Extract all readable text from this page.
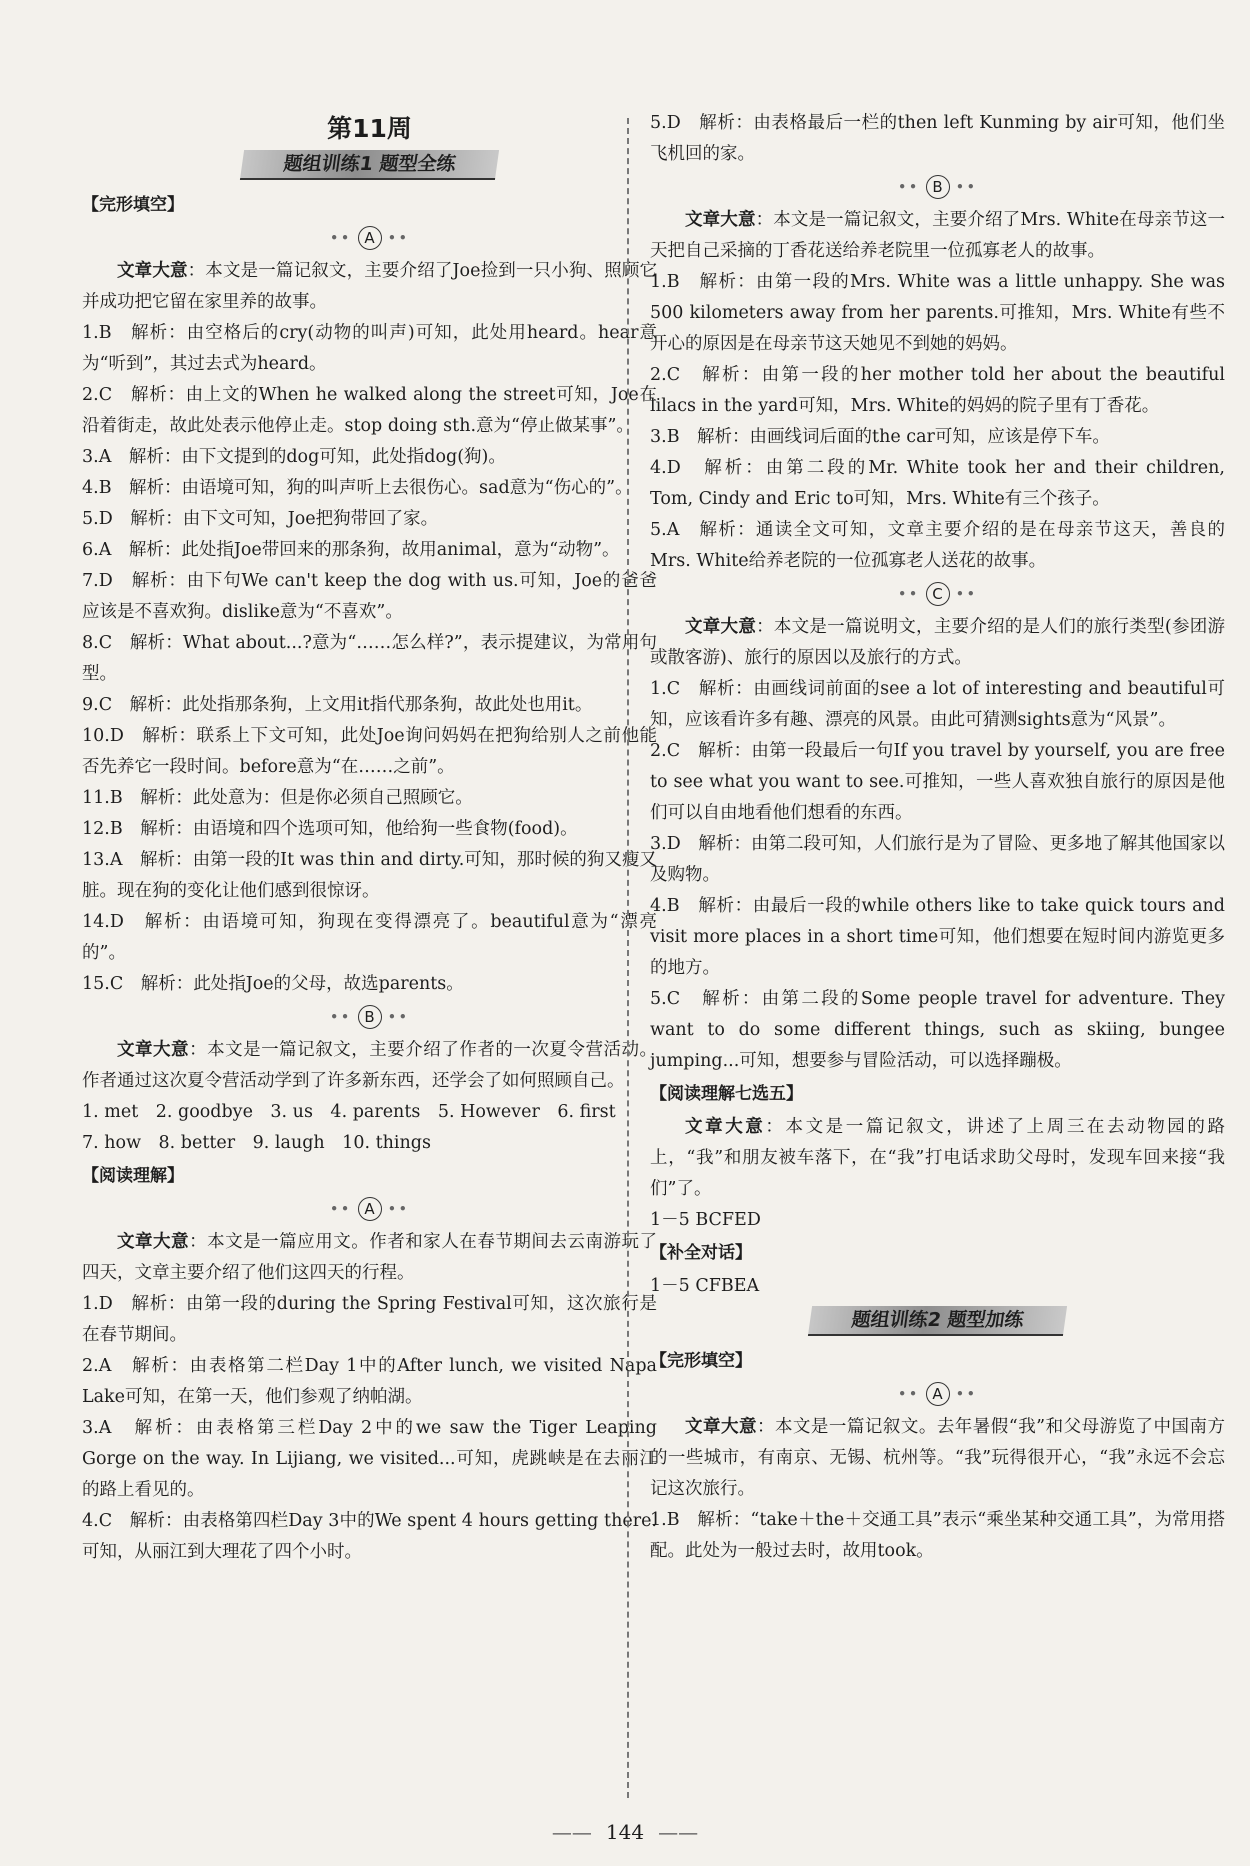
第11周
题组训练1 题型全练
【完形填空】
•• A ••

文章大意：本文是一篇记叙文，主要介绍了Joe捡到一只小狗、照顾它并成功把它留在家里养的故事。

1.B　解析：由空格后的cry(动物的叫声)可知，此处用heard。hear意为“听到”，其过去式为heard。

2.C　解析：由上文的When he walked along the street可知，Joe在沿着街走，故此处表示他停止走。stop doing sth.意为“停止做某事”。

3.A　解析：由下文提到的dog可知，此处指dog(狗)。

4.B　解析：由语境可知，狗的叫声听上去很伤心。sad意为“伤心的”。

5.D　解析：由下文可知，Joe把狗带回了家。

6.A　解析：此处指Joe带回来的那条狗，故用animal，意为“动物”。

7.D　解析：由下句We can't keep the dog with us.可知，Joe的爸爸应该是不喜欢狗。dislike意为“不喜欢”。

8.C　解析：What about...?意为“……怎么样?”，表示提建议，为常用句型。

9.C　解析：此处指那条狗，上文用it指代那条狗，故此处也用it。

10.D　解析：联系上下文可知，此处Joe询问妈妈在把狗给别人之前他能否先养它一段时间。before意为“在……之前”。

11.B　解析：此处意为：但是你必须自己照顾它。

12.B　解析：由语境和四个选项可知，他给狗一些食物(food)。

13.A　解析：由第一段的It was thin and dirty.可知，那时候的狗又瘦又脏。现在狗的变化让他们感到很惊讶。

14.D　解析：由语境可知，狗现在变得漂亮了。beautiful意为“漂亮的”。

15.C　解析：此处指Joe的父母，故选parents。

•• B ••

文章大意：本文是一篇记叙文，主要介绍了作者的一次夏令营活动。作者通过这次夏令营活动学到了许多新东西，还学会了如何照顾自己。

1. met　2. goodbye　3. us　4. parents　5. However　6. first

7. how　8. better　9. laugh　10. things

【阅读理解】
•• A ••

文章大意：本文是一篇应用文。作者和家人在春节期间去云南游玩了四天，文章主要介绍了他们这四天的行程。

1.D　解析：由第一段的during the Spring Festival可知，这次旅行是在春节期间。

2.A　解析：由表格第二栏Day 1中的After lunch, we visited Napa Lake可知，在第一天，他们参观了纳帕湖。

3.A　解析：由表格第三栏Day 2中的we saw the Tiger Leaping Gorge on the way. In Lijiang, we visited...可知，虎跳峡是在去丽江的路上看见的。

4.C　解析：由表格第四栏Day 3中的We spent 4 hours getting there.可知，从丽江到大理花了四个小时。

5.D　解析：由表格最后一栏的then left Kunming by air可知，他们坐飞机回的家。

•• B ••

文章大意：本文是一篇记叙文，主要介绍了Mrs. White在母亲节这一天把自己采摘的丁香花送给养老院里一位孤寡老人的故事。

1.B　解析：由第一段的Mrs. White was a little unhappy. She was 500 kilometers away from her parents.可推知，Mrs. White有些不开心的原因是在母亲节这天她见不到她的妈妈。

2.C　解析：由第一段的her mother told her about the beautiful lilacs in the yard可知，Mrs. White的妈妈的院子里有丁香花。

3.B　解析：由画线词后面的the car可知，应该是停下车。

4.D　解析：由第二段的Mr. White took her and their children, Tom, Cindy and Eric to可知，Mrs. White有三个孩子。

5.A　解析：通读全文可知，文章主要介绍的是在母亲节这天，善良的Mrs. White给养老院的一位孤寡老人送花的故事。

•• C ••

文章大意：本文是一篇说明文，主要介绍的是人们的旅行类型(参团游或散客游)、旅行的原因以及旅行的方式。

1.C　解析：由画线词前面的see a lot of interesting and beautiful可知，应该看许多有趣、漂亮的风景。由此可猜测sights意为“风景”。

2.C　解析：由第一段最后一句If you travel by yourself, you are free to see what you want to see.可推知，一些人喜欢独自旅行的原因是他们可以自由地看他们想看的东西。

3.D　解析：由第二段可知，人们旅行是为了冒险、更多地了解其他国家以及购物。

4.B　解析：由最后一段的while others like to take quick tours and visit more places in a short time可知，他们想要在短时间内游览更多的地方。

5.C　解析：由第二段的Some people travel for adventure. They want to do some different things, such as skiing, bungee jumping...可知，想要参与冒险活动，可以选择蹦极。

【阅读理解七选五】

文章大意：本文是一篇记叙文，讲述了上周三在去动物园的路上，“我”和朋友被车落下，在“我”打电话求助父母时，发现车回来接“我们”了。

1－5 BCFED

【补全对话】

1－5 CFBEA

题组训练2 题型加练
【完形填空】
•• A ••

文章大意：本文是一篇记叙文。去年暑假“我”和父母游览了中国南方的一些城市，有南京、无锡、杭州等。“我”玩得很开心，“我”永远不会忘记这次旅行。

1.B　解析：“take＋the＋交通工具”表示“乘坐某种交通工具”，为常用搭配。此处为一般过去时，故用took。

—— 144 ——
